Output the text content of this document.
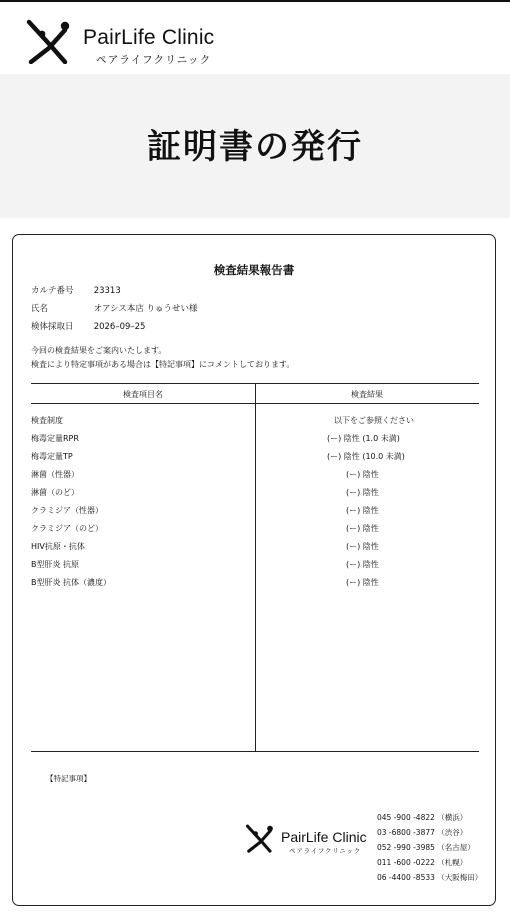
PairLife Clinic
ペアライフクリニック
証明書の発行
検査結果報告書
カルテ番号 23313
氏名	オアシス本店 りゅうせい様
検体採取日 2026–09–25
今回の検査結果をご案内いたします。
検査により特定事項がある場合は【特記事項】にコメントしております。
検査項目名	検査結果
検査制度	以下をご参照ください
梅毒定量RPR	(ー) 陰性 (1.0 未満)
梅毒定量TP	(ー) 陰性 (10.0 未満)
淋菌（性器）	(ー) 陰性
淋菌（のど）	(ー) 陰性
クラミジア（性器）	(ー) 陰性
クラミジア（のど）	(ー) 陰性
HIV抗原・抗体	(ー) 陰性
B型肝炎 抗原	(ー) 陰性
B型肝炎 抗体（濃度）	(ー) 陰性
【特記事項】
PairLife Clinic
ペアライフクリニック
045 -900 -4822 （横浜）
03 -6800 -3877 （渋谷）
052 -990 -3985 （名古屋）
011 -600 -0222 （札幌）
06 -4400 -8533 （大阪梅田）
